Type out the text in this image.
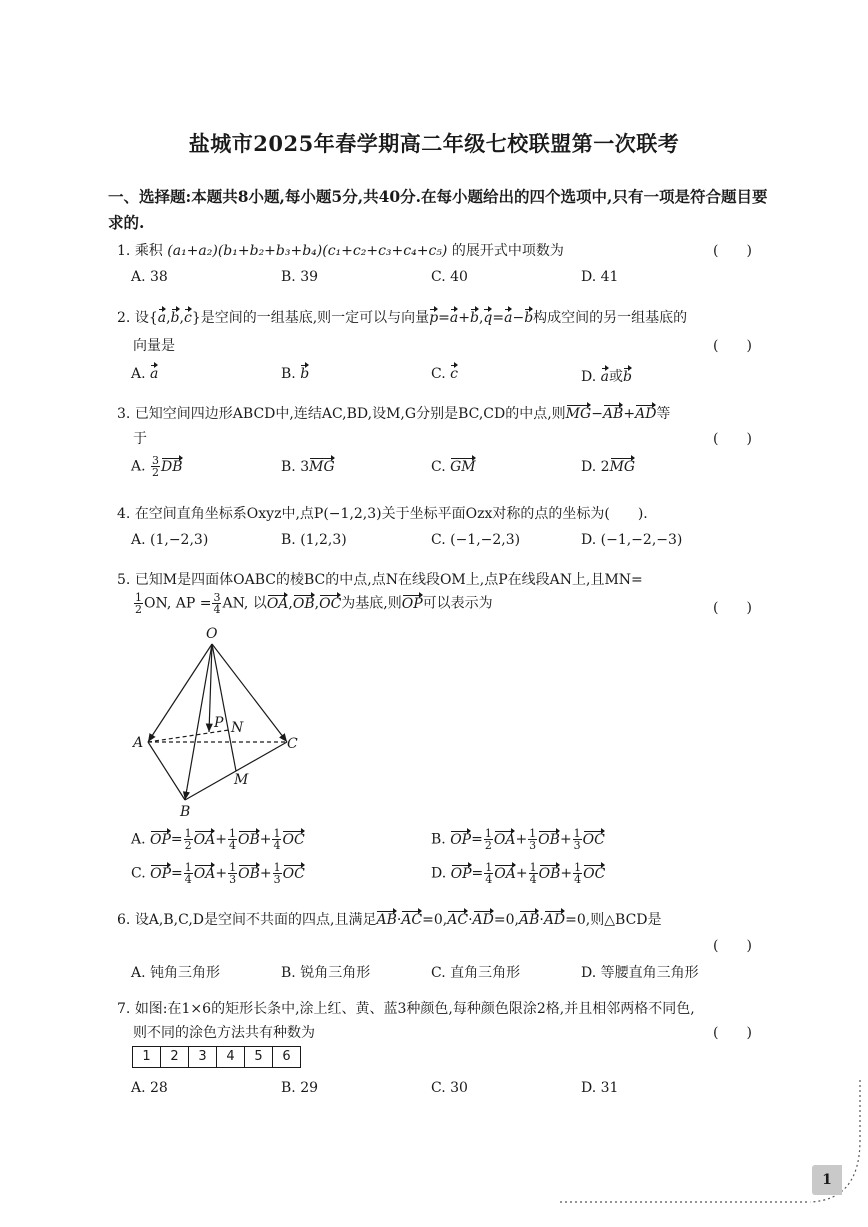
盐城市2025年春学期高二年级七校联盟第一次联考
一、选择题:本题共8小题,每小题5分,共40分.在每小题给出的四个选项中,只有一项是符合题目要求的.
1. 乘积 (a₁+a₂)(b₁+b₂+b₃+b₄)(c₁+c₂+c₃+c₄+c₅) 的展开式中项数为	(　　)
A. 38	B. 39	C. 40	D. 41
2. 设{a,b,c}是空间的一组基底,则一定可以与向量p=a+b,q=a−b构成空间的另一组基底的
向量是	(　　)
A. a	B. b	C. c	D. a或b
3. 已知空间四边形ABCD中,连结AC,BD,设M,G分别是BC,CD的中点,则MG−AB+AD等
于	(　　)
A. $\frac{3}{2}$ DB	B. 3MG	C. GM	D. 2MG
4. 在空间直角坐标系Oxyz中,点P(−1,2,3)关于坐标平面Ozx对称的点的坐标为(　　).
A. (1,−2,3)	B. (1,2,3)	C. (−1,−2,3)	D. (−1,−2,−3)
5. 已知M是四面体OABC的棱BC的中点,点N在线段OM上,点P在线段AN上,且MN=
$\frac{1}{2}$ ON, AP = $\frac{3}{4}$ AN, 以OA,OB,OC为基底,则OP可以表示为	(　　)
O
A
B
C
M
N
P
A. $OP= \frac{1}{2} OA+ \frac{1}{4} OB+ \frac{1}{4}$ OC	B. $OP= \frac{1}{2} OA+ \frac{1}{3} OB+ \frac{1}{3}$ OC
C. $OP= \frac{1}{4} OA+ \frac{1}{3} OB+ \frac{1}{3}$ OC	D. $OP= \frac{1}{4} OA+ \frac{1}{4} OB+ \frac{1}{4}$ OC
6. 设A,B,C,D是空间不共面的四点,且满足AB·AC=0,AC·AD=0,AB·AD=0,则△BCD是
(　　)
A. 钝角三角形	B. 锐角三角形	C. 直角三角形	D. 等腰直角三角形
7. 如图:在1×6的矩形长条中,涂上红、黄、蓝3种颜色,每种颜色限涂2格,并且相邻两格不同色,
则不同的涂色方法共有种数为	(　　)
1	2	3	4	5	6
A. 28	B. 29	C. 30	D. 31
1
